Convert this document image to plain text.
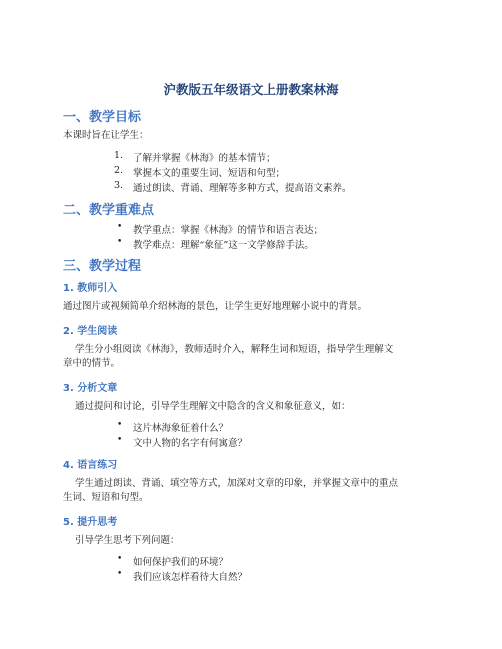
沪教版五年级语文上册教案林海
一、教学目标
本课时旨在让学生：
1.	了解并掌握《林海》的基本情节；
2.	掌握本文的重要生词、短语和句型；
3.	通过朗读、背诵、理解等多种方式，提高语文素养。
二、教学重难点
• 教学重点：掌握《林海》的情节和语言表达；
• 教学难点：理解“象征”这一文学修辞手法。
三、教学过程
1. 教师引入
通过图片或视频简单介绍林海的景色，让学生更好地理解小说中的背景。
2. 学生阅读
学生分小组阅读《林海》，教师适时介入，解释生词和短语，指导学生理解文
章中的情节。
3. 分析文章
通过提问和讨论，引导学生理解文中隐含的含义和象征意义，如：
• 这片林海象征着什么？
• 文中人物的名字有何寓意？
4. 语言练习
学生通过朗读、背诵、填空等方式，加深对文章的印象，并掌握文章中的重点
生词、短语和句型。
5. 提升思考
引导学生思考下列问题：
• 如何保护我们的环境？
• 我们应该怎样看待大自然？
